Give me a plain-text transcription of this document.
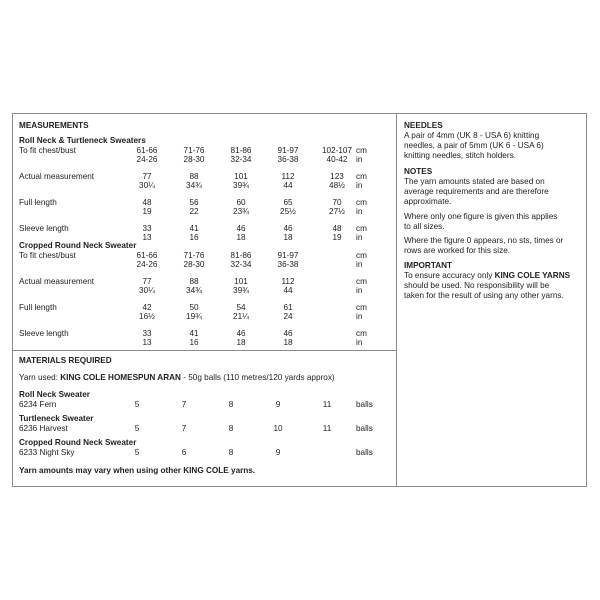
MEASUREMENTS
Roll Neck & Turtleneck Sweaters
To fit chest/bust	61-66	71-76	81-86	91-97	102-107 cm
24-26	28-30	32-34	36-38	40-42	in
Actual measurement	77	88	101	112	123	cm
30¼	34¾	39¾	44	48½	in
Full length	48	56	60	65	70	cm
19	22	23¾	25½	27½	in
Sleeve length	33	41	46	46	48	cm
13	16	18	18	19	in
Cropped Round Neck Sweater
To fit chest/bust	61-66	71-76	81-86	91-97	cm
24-26	28-30	32-34	36-38	in
Actual measurement	77	88	101	112	cm
30¼	34¾	39¾	44	in
Full length	42	50	54	61	cm
16½	19¾	21¼	24	in
Sleeve length	33	41	46	46	cm
13	16	18	18	in
MATERIALS REQUIRED
Yarn used: KING COLE HOMESPUN ARAN - 50g balls (110 metres/120 yards approx)
Roll Neck Sweater
6234 Fern	5	7	8	9	11	balls
Turtleneck Sweater
6236 Harvest	5	7	8	10	11	balls
Cropped Round Neck Sweater
6233 Night Sky	5	6	8	9	balls
Yarn amounts may vary when using other KING COLE yarns.
NEEDLES
A pair of 4mm (UK 8 - USA 6) knitting
needles, a pair of 5mm (UK 6 - USA 6)
knitting needles, stitch holders.
NOTES
The yarn amounts stated are based on
average requirements and are therefore
approximate.
Where only one figure is given this applies
to all sizes.
Where the figure 0 appears, no sts, times or
rows are worked for this size.
IMPORTANT
To ensure accuracy only KING COLE YARNS
should be used. No responsibility will be
taken for the result of using any other yarns.
